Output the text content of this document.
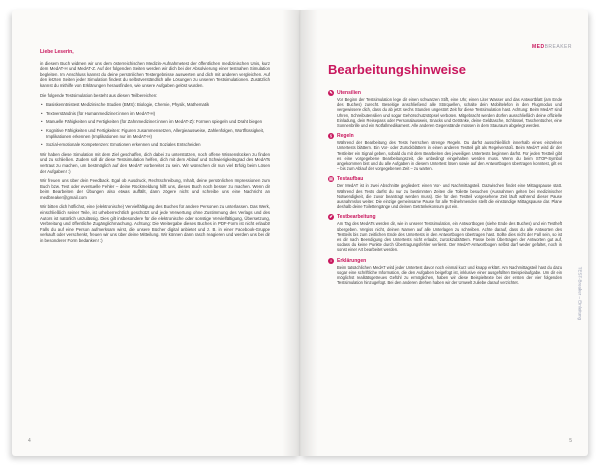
Liebe Leserin,

in diesem Buch widmen wir uns dem österreichischen Medizin-Aufnahmetest der öffentlichen medizinischen Unis, kurz dem MedAT-H und MedAT-Z. Auf der folgenden Seiten werden wir dich bei der Absolvierung einer testnahen Simulation begleiten. Im Anschluss kannst du deine persönlichen Testergebnisse auswerten und dich mit anderen vergleichen. Auf den letzten Seiten jeder Simulation findest du selbstverständlich alle Lösungen zu unseren Testsimulationen. Zusätzlich kannst du mithilfe von Erklärungen herausfinden, wie unsere Aufgaben gelöst wurden.

Die folgende Testsimulation besteht aus diesen Teilbereichen:

• Basiskenntnistest Medizinische Studien (BMS): Biologie, Chemie, Physik, Mathematik
• Textverständnis (für Humanmediziner:innen im MedAT-H)
• Manuelle Fähigkeiten und Fertigkeiten (für Zahnmediziner:innen im MedAT-Z): Formen spiegeln und Draht biegen
• Kognitive Fähigkeiten und Fertigkeiten: Figuren zusammensetzen, Allergieausweise, Zahlenfolgen, Wortflüssigkeit, Implikationen erkennen (Implikationen nur im MedAT-H)
• Sozial-emotionale Kompetenzen: Emotionen erkennen und Soziales Entscheiden

Wir haben diese Simulation mit dem Ziel geschaffen, dich dabei zu unterstützen, noch offene Wissenslücken zu finden und zu schließen. Zudem soll dir diese Testsimulation helfen, dich mit dem Ablauf und Schwierigkeitsgrad des MedATs vertraut zu machen, um bestmöglich auf den MedAT vorbereitet zu sein. Wir wünschen dir nun viel Erfolg beim Lösen der Aufgaben! :)

Wir freuen uns über dein Feedback. Egal ob Ausdruck, Rechtschreibung, Inhalt, deine persönlichen Impressionen zum Buch bzw. Test oder eventuelle Fehler – deine Rückmeldung hilft uns, dieses Buch noch besser zu machen. Wenn dir beim Bearbeiten der Übungen also etwas auffällt, dann zögere nicht und schreibe uns eine Nachricht an medbreaker@gmail.com

Wir bitten dich höflichst, eine (elektronische) Vervielfältigung des Buches für andere Personen zu unterlassen. Das Werk, einschließlich seiner Teile, ist urheberrechtlich geschützt und jede Verwertung ohne Zustimmung des Verlags und des Autors ist natürlich unzulässig. Dies gilt insbesondere für die elektronische oder sonstige Vervielfältigung, Übersetzung, Verbreitung und öffentliche Zugänglichmachung. Achtung: Die Weitergabe dieses Buches in PDF-Form ist nicht erlaubt! Falls du auf eine Person aufmerksam wirst, die unsere Bücher digital anbietet und z. B. in einer Facebook-Gruppe verkauft oder verschenkt, freuen wir uns über deine Mitteilung. Wir können dann rasch reagieren und werden uns bei dir in besonderer Form bedanken! :)

4
MEDBREAKER
Bearbeitungshinweise
✎ Utensilien
Vor Beginn der Testsimulation lege dir einen schwarzen Stift, eine Uhr, einen Liter Wasser und das Antwortblatt (am Ende des Buches) zurecht. Beseitige anschließend alle Störquellen, schalte dein Mobiltelefon in den Flugmodus und vergewissere dich, dass du ab jetzt sechs Stunden ungestört Zeit für diese Testsimulation hast. Achtung: Beim MedAT sind Uhren, Schreibutensilien und sogar Gehörschutzstöpsel verboten. Mitgebracht werden dürfen ausschließlich deine offizielle Einladung, dein Reisepass oder Personalausweis, Snacks und Getränke, deine Geldtasche, Schlüssel, Taschentücher, eine Sonnenbrille und ein Notfallmedikament. Alle anderen Gegenstände müssen in dem Stauraum abgelegt werden.
§ Regeln
Während der Bearbeitung des Tests herrschen strenge Regeln. Du darfst ausschließlich innerhalb eines einzelnen Untertests blättern. Ein Vor- oder Zurückblättern in einen anderen Testteil gilt als Regelverstoß. Beim MedAT wird dir der Testleiter ein Signal geben, sobald du mit dem Bearbeiten des jeweiligen Untertests beginnen darfst. Für jeden Testteil gibt es eine vorgegebene Bearbeitungszeit, die unbedingt eingehalten werden muss. Wenn du beim STOP-Symbol angekommen bist und du alle Aufgaben in diesem Untertest lösen sowie auf den Antwortbogen übertragen konntest, gilt es – bis zum Ablauf der vorgegebenen Zeit – zu warten.
▤ Testaufbau
Der MedAT ist in zwei Abschnitte gegliedert: einen Vor- und Nachmittagsteil. Dazwischen findet eine Mittagspause statt. Während des Tests darfst du nur zu bestimmten Zeiten die Toilette besuchen (Ausnahmen gelten bei medizinischer Notwendigkeit, die zuvor beantragt werden muss). Die für den Testteil vorgesehene Zeit läuft während dieser Pause ausnahmslos weiter. Die einzige gemeinsame Pause für alle Teilnehmenden stellt die einstündige Mittagspause dar. Plane deshalb deine Toilettengänge und deinen Getränkekonsum gut ein.
✐ Testbearbeitung
Am Tag des MedATs werden dir, wie in unserer Testsimulation, ein Antwortbogen (siehe Ende des Buches) und ein Testheft übergeben. Vergiss nicht, deinen Namen auf alle Unterlagen zu schreiben. Achte darauf, dass du alle Antworten des Testteils bis zum zeitlichen Ende des Untertests in den Antwortbogen übertragen hast. Sollte dies nicht der Fall sein, so ist es dir nach Beendigung des Untertests nicht erlaubt, zurückzublättern. Passe beim Übertragen der Antworten gut auf, sodass du keine Punkte durch Übertragungsfehler verlierst. Der MedAT-Antwortbogen selbst darf weder gefaltet, noch in sonst einer Art bearbeitet werden.
i	Erklärungen
Beim tatsächlichen MedAT wird jeder Untertest davor noch einmal kurz und knapp erklärt. Am Nachmittagsteil hast du dazu sogar eine schriftliche Information, die den Aufgaben beigefügt ist, inklusive einer ausgefüllten Beispielaufgabe. Um dir ein möglichst realitätsgetreues Gefühl zu ermöglichen, haben wir diese Beispieltexte bei der ersten der vier folgenden Testsimulation hinzugefügt. Bei den anderen drehen haben wir der Umwelt zuliebe darauf verzichtet.	TEST-Breaker – Einleitung
5
